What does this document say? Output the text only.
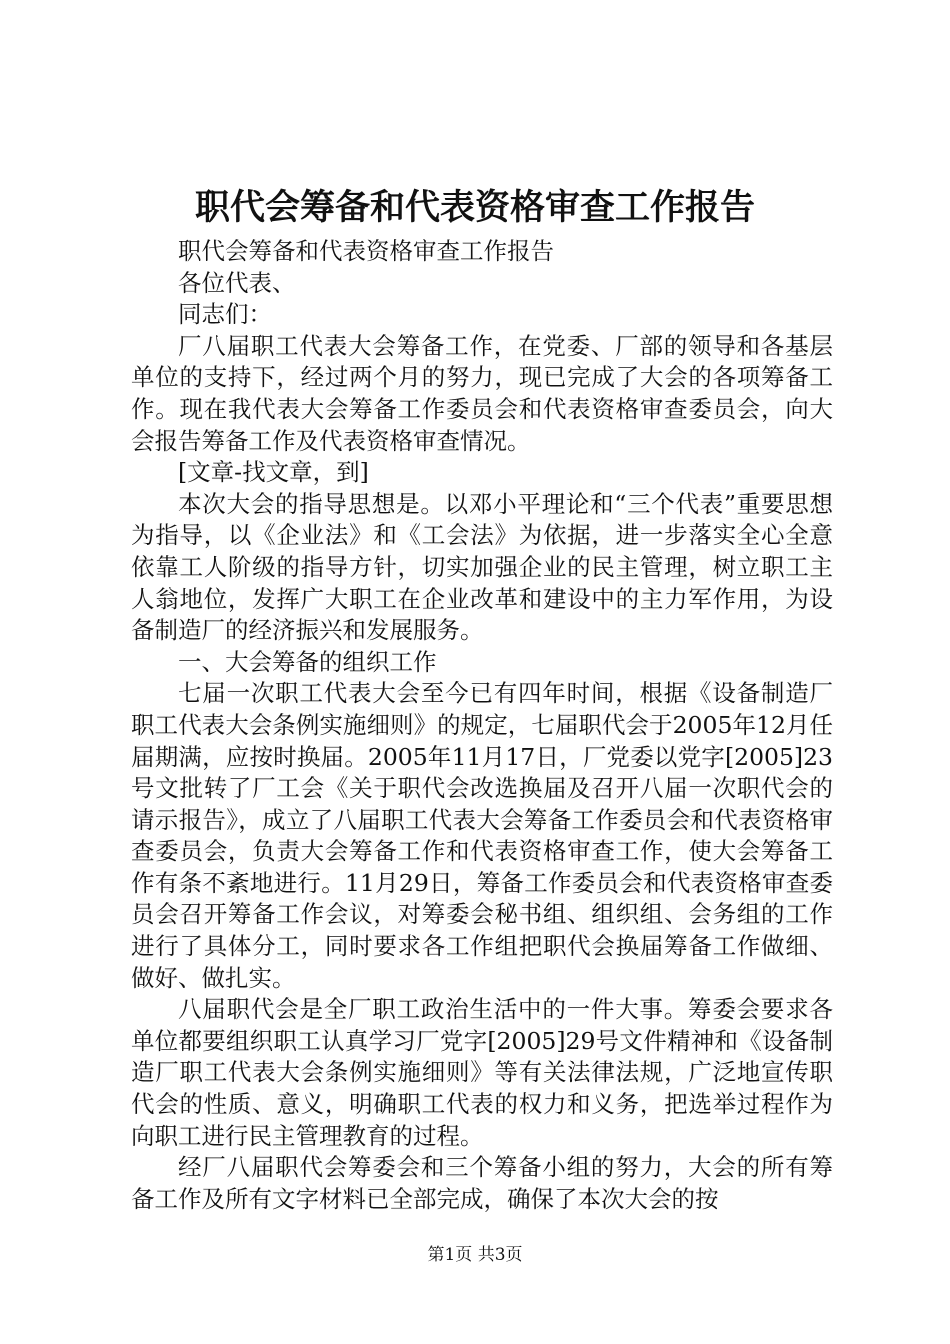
职代会筹备和代表资格审查工作报告

职代会筹备和代表资格审查工作报告

各位代表、

同志们：

厂八届职工代表大会筹备工作，在党委、厂部的领导和各基层单位的支持下，经过两个月的努力，现已完成了大会的各项筹备工作。现在我代表大会筹备工作委员会和代表资格审查委员会，向大会报告筹备工作及代表资格审查情况。

[文章-找文章，到]

本次大会的指导思想是。以邓小平理论和“三个代表”重要思想为指导，以《企业法》和《工会法》为依据，进一步落实全心全意依靠工人阶级的指导方针，切实加强企业的民主管理，树立职工主人翁地位，发挥广大职工在企业改革和建设中的主力军作用，为设备制造厂的经济振兴和发展服务。

一、大会筹备的组织工作

七届一次职工代表大会至今已有四年时间，根据《设备制造厂职工代表大会条例实施细则》的规定，七届职代会于2005年12月任届期满，应按时换届。2005年11月17日，厂党委以党字[2005]23号文批转了厂工会《关于职代会改选换届及召开八届一次职代会的请示报告》，成立了八届职工代表大会筹备工作委员会和代表资格审查委员会，负责大会筹备工作和代表资格审查工作，使大会筹备工作有条不紊地进行。11月29日，筹备工作委员会和代表资格审查委员会召开筹备工作会议，对筹委会秘书组、组织组、会务组的工作进行了具体分工，同时要求各工作组把职代会换届筹备工作做细、做好、做扎实。

八届职代会是全厂职工政治生活中的一件大事。筹委会要求各单位都要组织职工认真学习厂党字[2005]29号文件精神和《设备制造厂职工代表大会条例实施细则》等有关法律法规，广泛地宣传职代会的性质、意义，明确职工代表的权力和义务，把选举过程作为向职工进行民主管理教育的过程。

经厂八届职代会筹委会和三个筹备小组的努力，大会的所有筹备工作及所有文字材料已全部完成，确保了本次大会的按

第1页 共3页
